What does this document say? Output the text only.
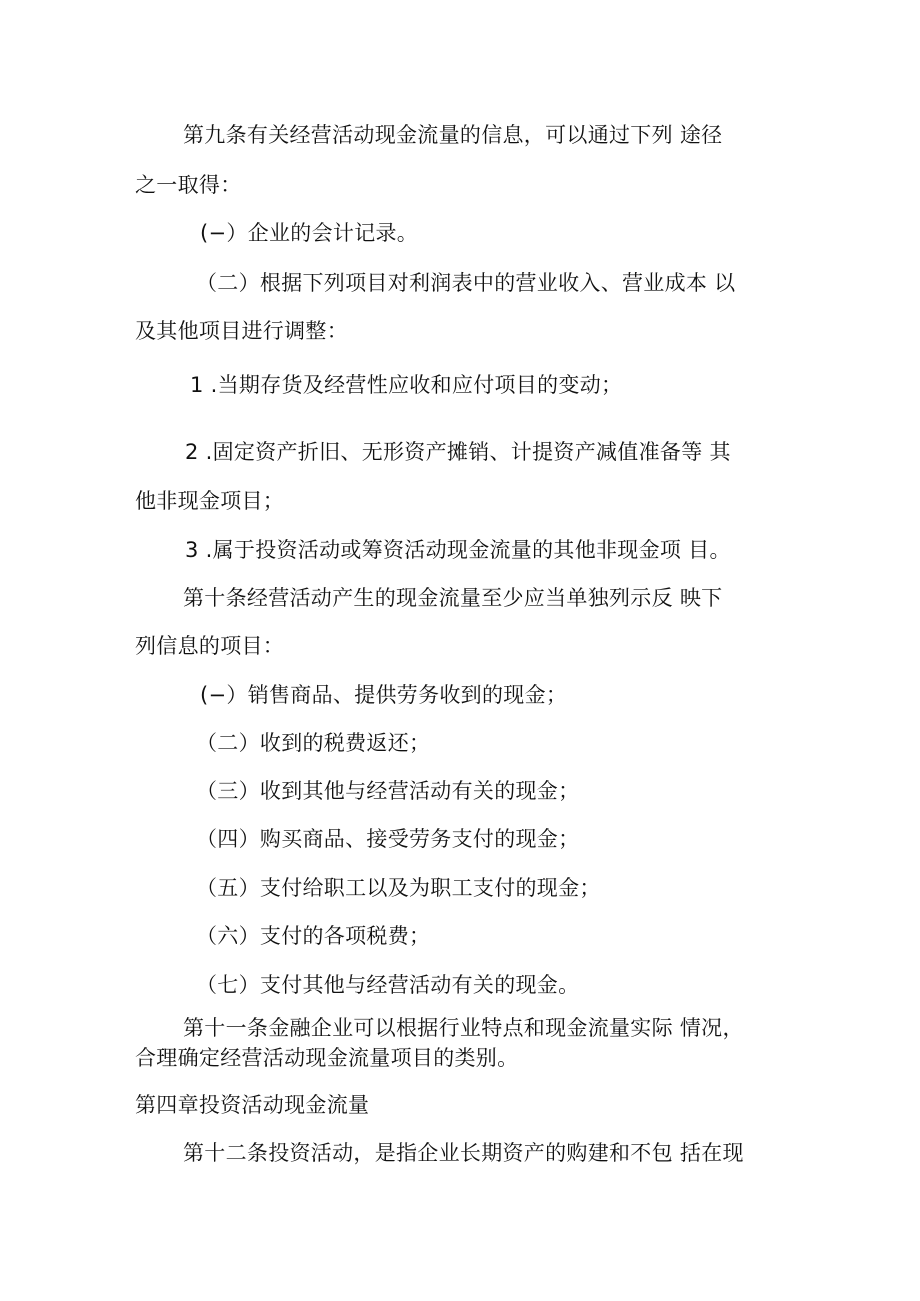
第九条有关经营活动现金流量的信息，可以通过下列 途径
之一取得：
(−）企业的会计记录。
（二）根据下列项目对利润表中的营业收入、营业成本 以
及其他项目进行调整：
1 .当期存货及经营性应收和应付项目的变动；
2 .固定资产折旧、无形资产摊销、计提资产减值准备等 其
他非现金项目；
3 .属于投资活动或筹资活动现金流量的其他非现金项 目。
第十条经营活动产生的现金流量至少应当单独列示反 映下
列信息的项目：
(−）销售商品、提供劳务收到的现金；
（二）收到的税费返还；
（三）收到其他与经营活动有关的现金；
（四）购买商品、接受劳务支付的现金；
（五）支付给职工以及为职工支付的现金；
（六）支付的各项税费；
（七）支付其他与经营活动有关的现金。
第十一条金融企业可以根据行业特点和现金流量实际 情况，
合理确定经营活动现金流量项目的类别。
第四章投资活动现金流量
第十二条投资活动，是指企业长期资产的购建和不包 括在现
